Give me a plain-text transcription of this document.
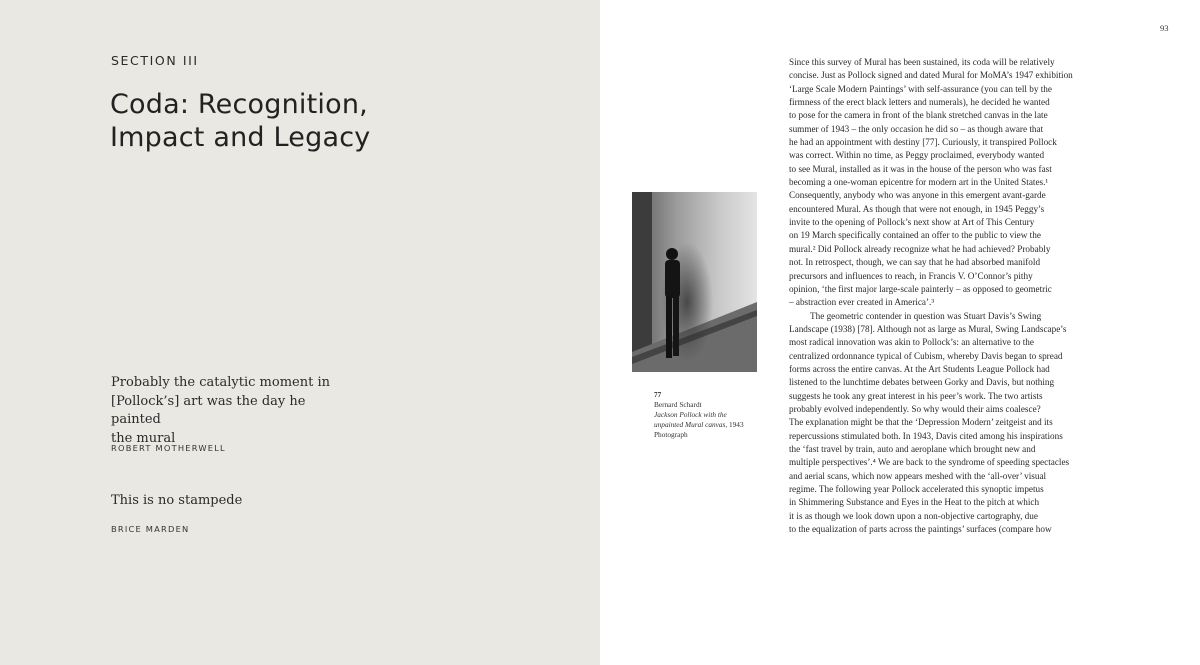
SECTION III
Coda: Recognition,
Impact and Legacy

Probably the catalytic moment in
[Pollock’s] art was the day he painted
the mural

ROBERT MOTHERWELL

This is no stampede

BRICE MARDEN
93
77
Bernard Schardt
Jackson Pollock with the
unpainted Mural canvas, 1943
Photograph
Since this survey of Mural has been sustained, its coda will be relatively
concise. Just as Pollock signed and dated Mural for MoMA’s 1947 exhibition
‘Large Scale Modern Paintings’ with self-assurance (you can tell by the
firmness of the erect black letters and numerals), he decided he wanted
to pose for the camera in front of the blank stretched canvas in the late
summer of 1943 – the only occasion he did so – as though aware that
he had an appointment with destiny [77]. Curiously, it transpired Pollock
was correct. Within no time, as Peggy proclaimed, everybody wanted
to see Mural, installed as it was in the house of the person who was fast
becoming a one-woman epicentre for modern art in the United States.¹
Consequently, anybody who was anyone in this emergent avant-garde
encountered Mural. As though that were not enough, in 1945 Peggy’s
invite to the opening of Pollock’s next show at Art of This Century
on 19 March specifically contained an offer to the public to view the
mural.² Did Pollock already recognize what he had achieved? Probably
not. In retrospect, though, we can say that he had absorbed manifold
precursors and influences to reach, in Francis V. O’Connor’s pithy
opinion, ‘the first major large-scale painterly – as opposed to geometric
– abstraction ever created in America’.³
The geometric contender in question was Stuart Davis’s Swing
Landscape (1938) [78]. Although not as large as Mural, Swing Landscape’s
most radical innovation was akin to Pollock’s: an alternative to the
centralized ordonnance typical of Cubism, whereby Davis began to spread
forms across the entire canvas. At the Art Students League Pollock had
listened to the lunchtime debates between Gorky and Davis, but nothing
suggests he took any great interest in his peer’s work. The two artists
probably evolved independently. So why would their aims coalesce?
The explanation might be that the ‘Depression Modern’ zeitgeist and its
repercussions stimulated both. In 1943, Davis cited among his inspirations
the ‘fast travel by train, auto and aeroplane which brought new and
multiple perspectives’.⁴ We are back to the syndrome of speeding spectacles
and aerial scans, which now appears meshed with the ‘all-over’ visual
regime. The following year Pollock accelerated this synoptic impetus
in Shimmering Substance and Eyes in the Heat to the pitch at which
it is as though we look down upon a non-objective cartography, due
to the equalization of parts across the paintings’ surfaces (compare how
